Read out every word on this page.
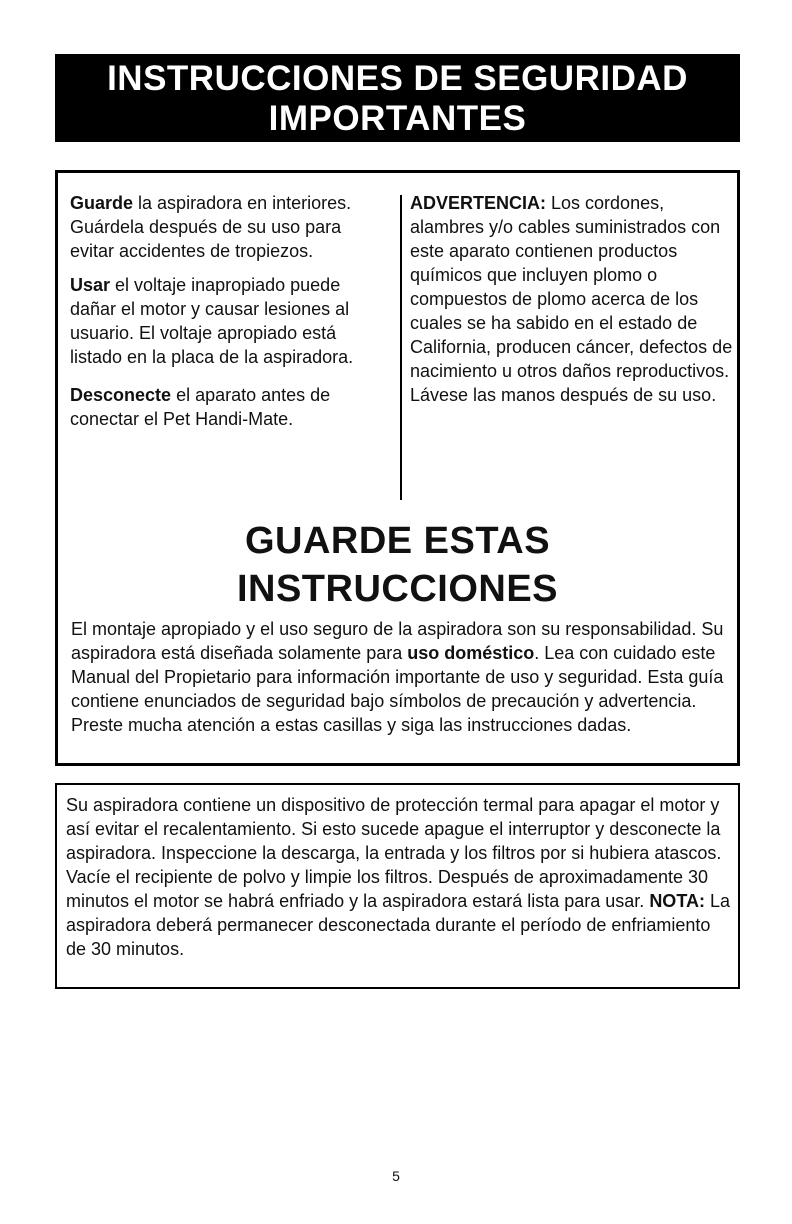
INSTRUCCIONES DE SEGURIDAD
IMPORTANTES

Guarde la aspiradora en interiores. Guárdela después de su uso para evitar accidentes de tropiezos.

Usar el voltaje inapropiado puede dañar el motor y causar lesiones al usuario. El voltaje apropiado está listado en la placa de la aspiradora.

Desconecte el aparato antes de conectar el Pet Handi-Mate.

ADVERTENCIA: Los cordones, alambres y/o cables suministrados con este aparato contienen productos químicos que incluyen plomo o compuestos de plomo acerca de los cuales se ha sabido en el estado de California, producen cáncer, defectos de nacimiento u otros daños reproductivos. Lávese las manos después de su uso.

GUARDE ESTAS
INSTRUCCIONES
El montaje apropiado y el uso seguro de la aspiradora son su responsabilidad. Su aspiradora está diseñada solamente para uso doméstico. Lea con cuidado este Manual del Propietario para información importante de uso y seguridad. Esta guía contiene enunciados de seguridad bajo símbolos de precaución y advertencia. Preste mucha atención a estas casillas y siga las instrucciones dadas.
Su aspiradora contiene un dispositivo de protección termal para apagar el motor y así evitar el recalentamiento. Si esto sucede apague el interruptor y desconecte la aspiradora. Inspeccione la descarga, la entrada y los filtros por si hubiera atascos. Vacíe el recipiente de polvo y limpie los filtros. Después de aproximadamente 30 minutos el motor se habrá enfriado y la aspiradora estará lista para usar. NOTA: La aspiradora deberá permanecer desconectada durante el período de enfriamiento de 30 minutos.
5
